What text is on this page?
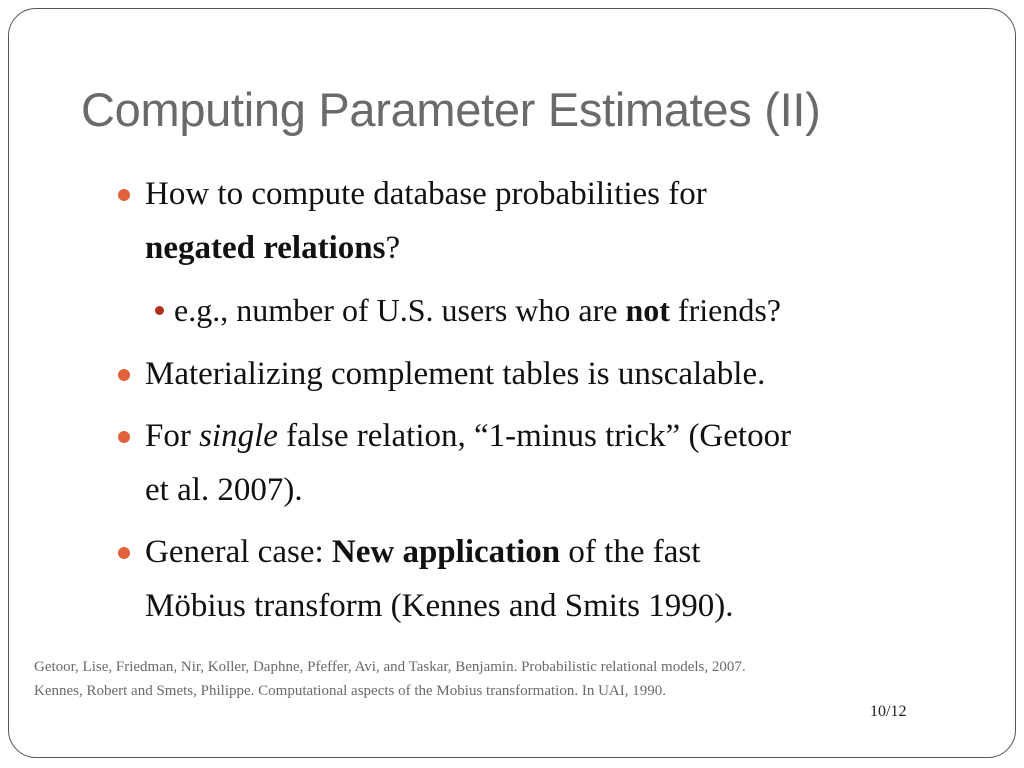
Computing Parameter Estimates (II)
How to compute database probabilities for
negated relations?
e.g., number of U.S. users who are not friends?
Materializing complement tables is unscalable.
For single false relation, “1-minus trick” (Getoor
et al. 2007).
General case: New application of the fast
Möbius transform (Kennes and Smits 1990).
Getoor, Lise, Friedman, Nir, Koller, Daphne, Pfeffer, Avi, and Taskar, Benjamin. Probabilistic relational models, 2007.
Kennes, Robert and Smets, Philippe. Computational aspects of the Mobius transformation. In UAI, 1990.
10/12
